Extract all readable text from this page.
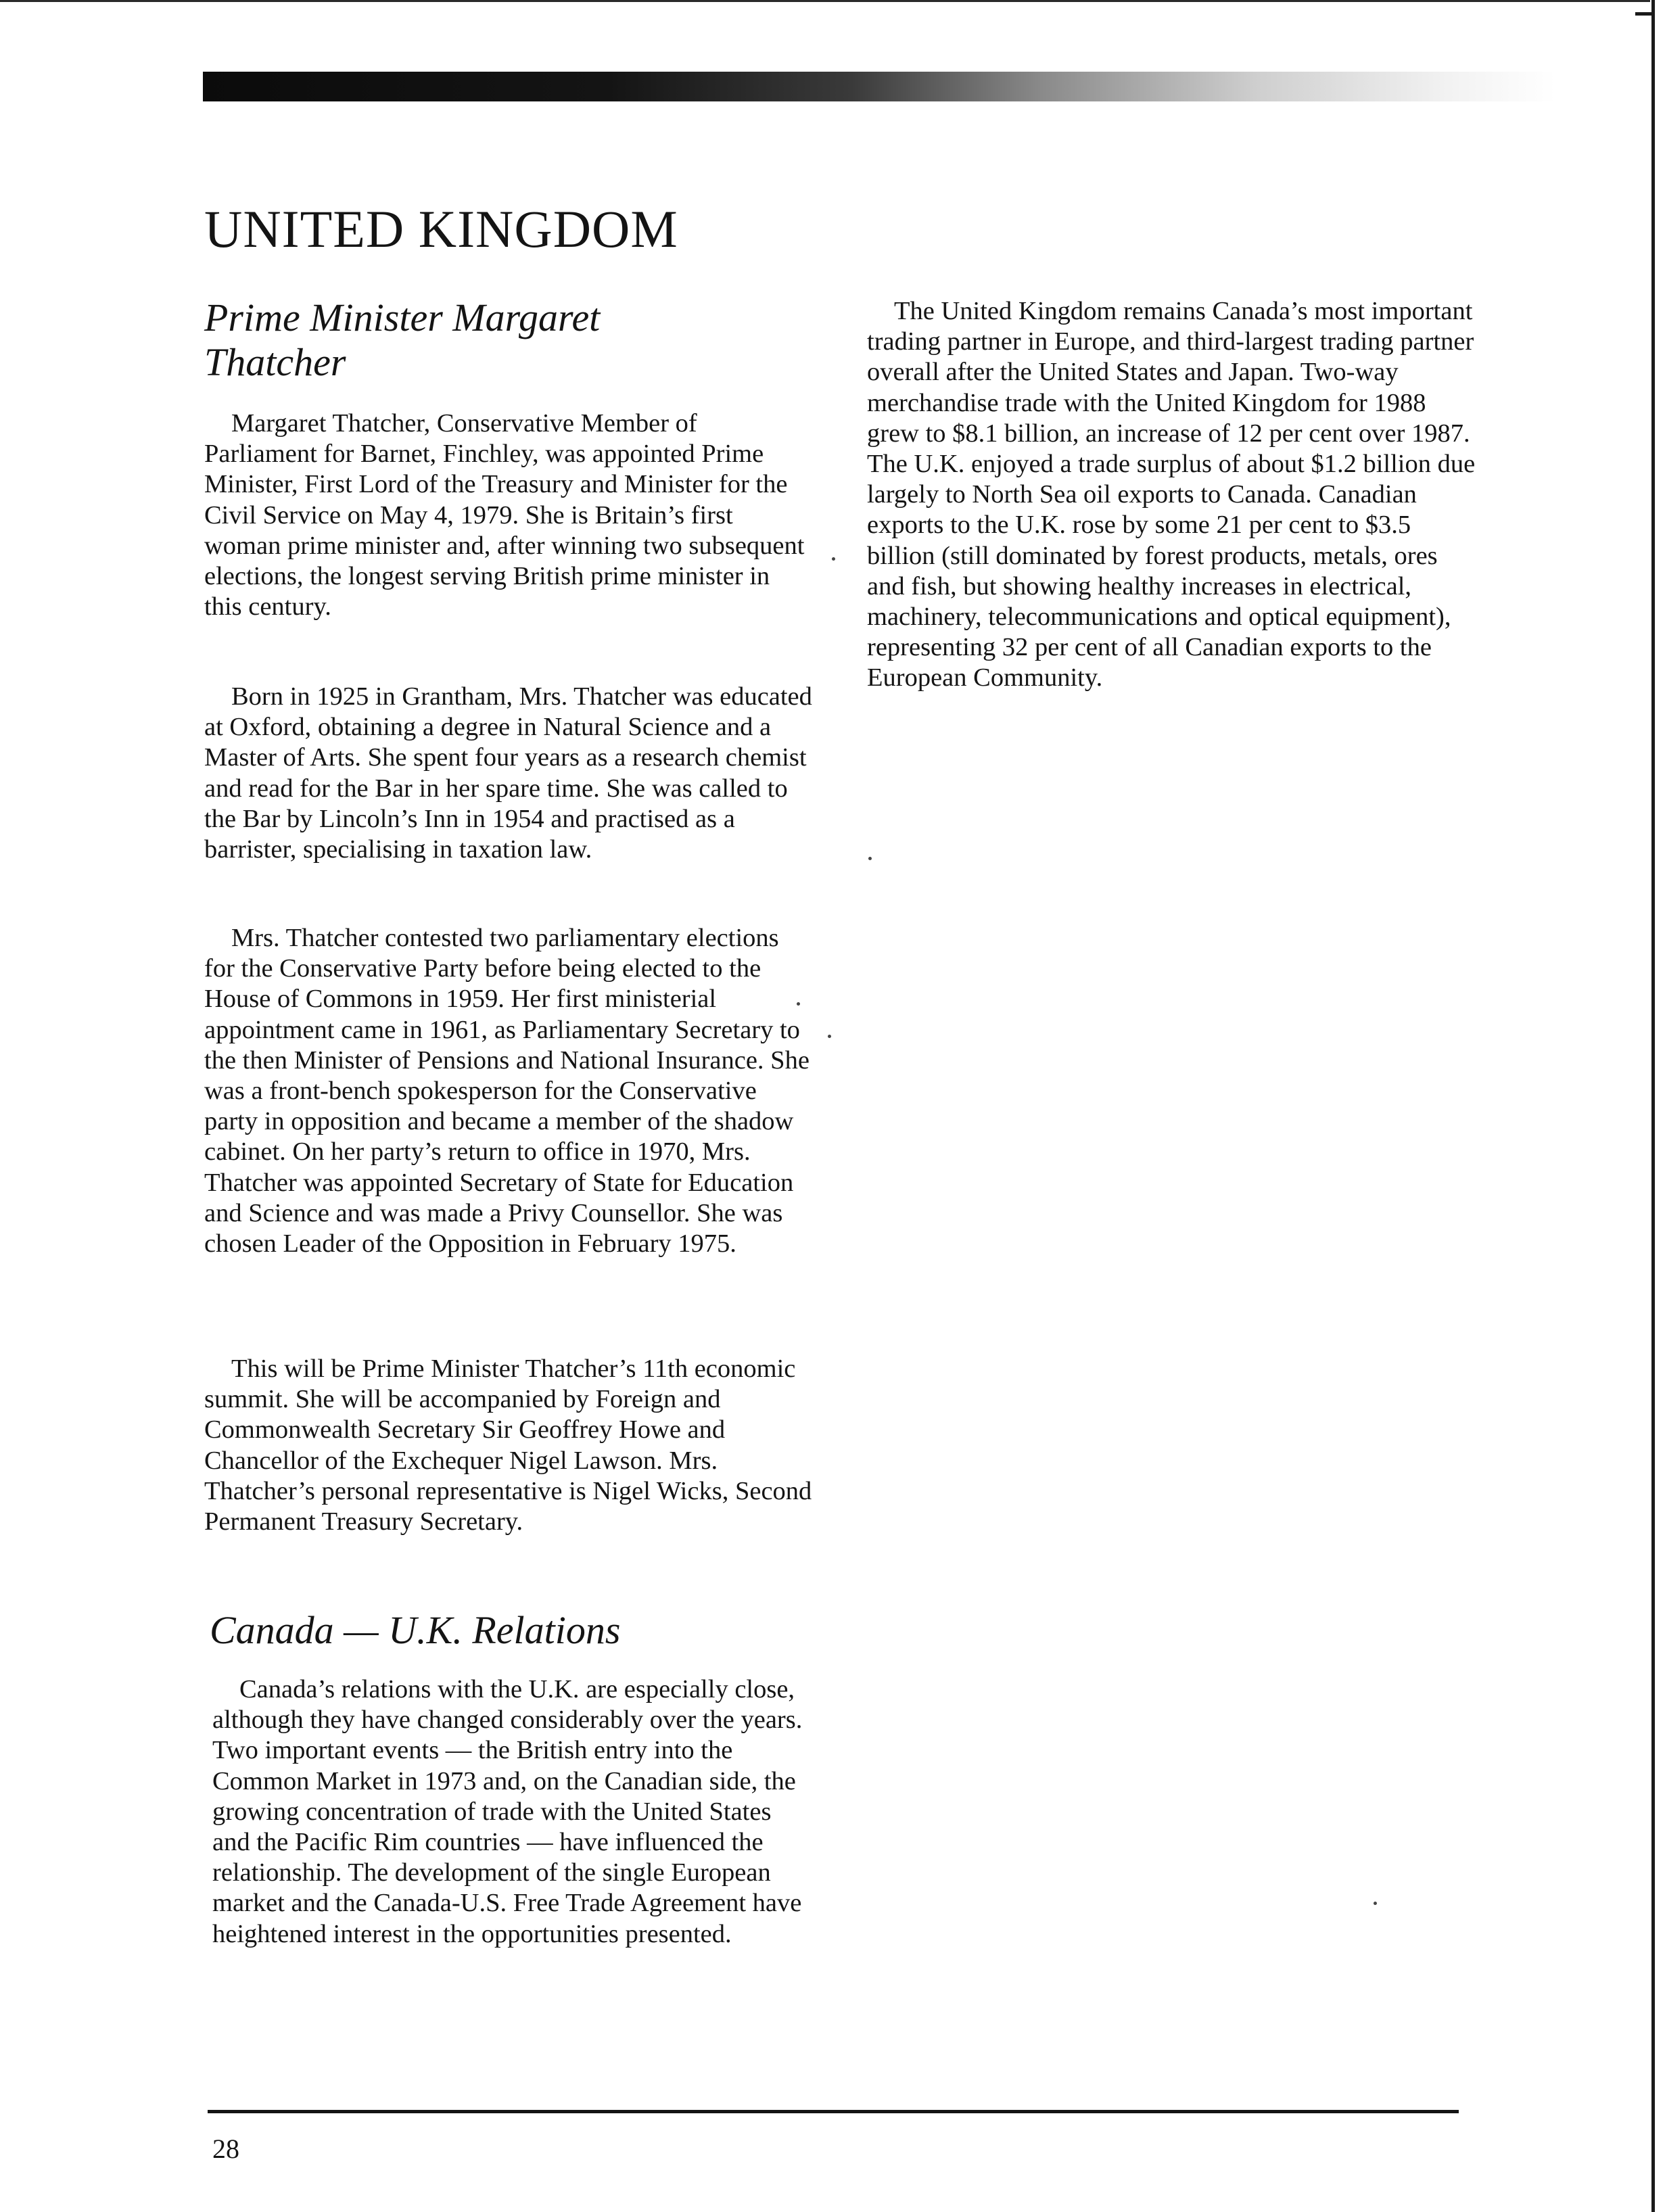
UNITED KINGDOM
Prime Minister Margaret Thatcher

Margaret Thatcher, Conservative Member of Parliament for Barnet, Finchley, was appointed Prime Minister, First Lord of the Treasury and Minister for the Civil Service on May 4, 1979. She is Britain’s first woman prime minister and, after winning two subsequent elections, the longest serving British prime minister in this century.

Born in 1925 in Grantham, Mrs. Thatcher was educated at Oxford, obtaining a degree in Natural Science and a Master of Arts. She spent four years as a research chemist and read for the Bar in her spare time. She was called to the Bar by Lincoln’s Inn in 1954 and practised as a barrister, specialising in taxation law.

Mrs. Thatcher contested two parliamentary elections for the Conservative Party before being elected to the House of Commons in 1959. Her first ministerial appointment came in 1961, as Parliamentary Secretary to the then Minister of Pensions and National Insurance. She was a front-bench spokesperson for the Conservative party in opposition and became a member of the shadow cabinet. On her party’s return to office in 1970, Mrs. Thatcher was appointed Secretary of State for Education and Science and was made a Privy Counsellor. She was chosen Leader of the Opposition in February 1975.

This will be Prime Minister Thatcher’s 11th economic summit. She will be accompanied by Foreign and Commonwealth Secretary Sir Geoffrey Howe and Chancellor of the Exchequer Nigel Lawson. Mrs. Thatcher’s personal representative is Nigel Wicks, Second Permanent Treasury Secretary.

Canada — U.K. Relations

Canada’s relations with the U.K. are especially close, although they have changed considerably over the years. Two important events — the British entry into the Common Market in 1973 and, on the Canadian side, the growing concentration of trade with the United States and the Pacific Rim countries — have influenced the relationship. The development of the single European market and the Canada-U.S. Free Trade Agreement have heightened interest in the opportunities presented.

The United Kingdom remains Canada’s most important trading partner in Europe, and third-largest trading partner overall after the United States and Japan. Two-way merchandise trade with the United Kingdom for 1988 grew to $8.1 billion, an increase of 12 per cent over 1987. The U.K. enjoyed a trade surplus of about $1.2 billion due largely to North Sea oil exports to Canada. Canadian exports to the U.K. rose by some 21 per cent to $3.5 billion (still dominated by forest products, metals, ores and fish, but showing healthy increases in electrical, machinery, telecommunications and optical equipment), representing 32 per cent of all Canadian exports to the European Community.

28
